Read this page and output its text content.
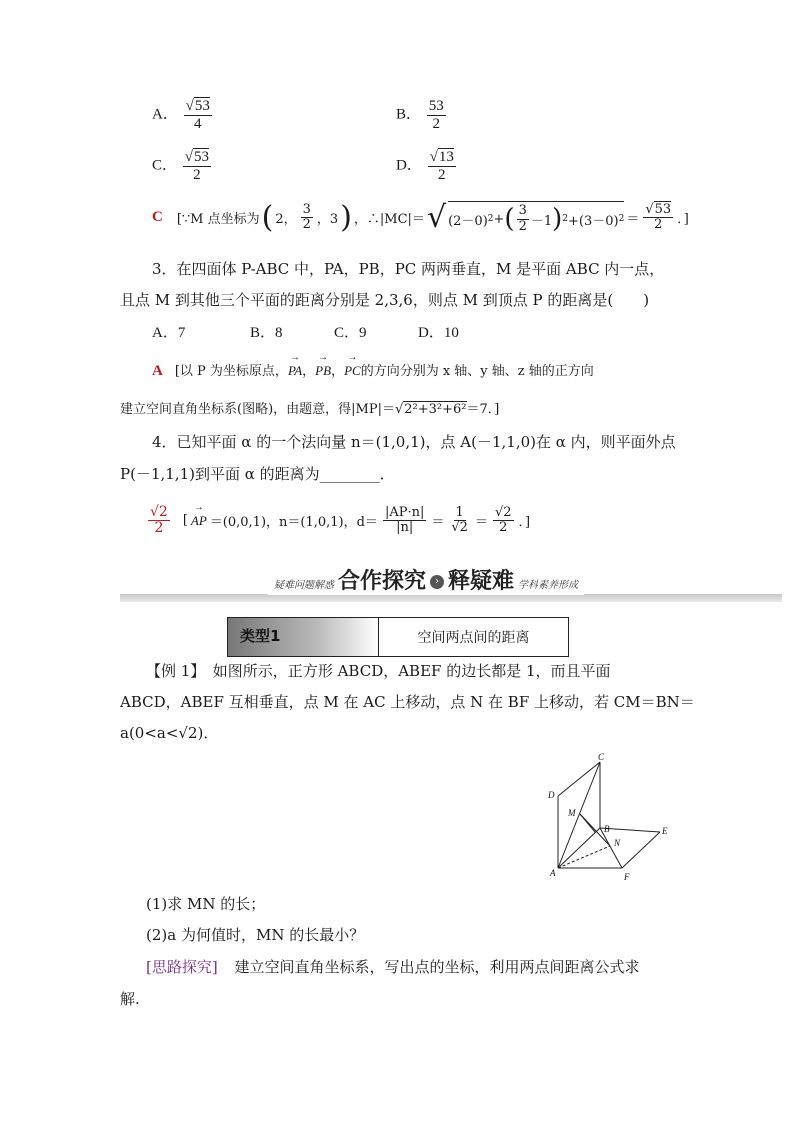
A． $\frac{√53}{4}$	B． $\frac{53}{2}$
C． $\frac{√53}{2}$	D． $\frac{√13}{2}$
C [∵M 点坐标为 ( 2， $\frac{3}{2}$ ，3 ) ，∴|MC|＝ √ (2－0) 2 + ( $\frac{3}{2} -1$ ) 2 +(3－0) $2 = \frac{√53}{2}$ ．]
3．在四面体 P-ABC 中，PA，PB，PC 两两垂直，M 是平面 ABC 内一点，
且点 M 到其他三个平面的距离分别是 2,3,6，则点 M 到顶点 P 的距离是(　　)
A．7	B．8	C．9	D．10
A [以 P 为坐标原点，→ PA，→ PB，→ PC的方向分别为 x 轴、y 轴、z 轴的正方向
建立空间直角坐标系(图略)，由题意，得|MP|＝√2²+3²+6²＝7．]
4．已知平面 α 的一个法向量 n＝(1,0,1)，点 A(－1,1,0)在 α 内，则平面外点
P(－1,1,1)到平面 α 的距离为________．
$\frac{√2}{2}$ [
→ AP ＝(0,0,1)，n＝(1,0,1)，$d= \frac{|AP\cdot n|}{|n|} = \frac{1}{√2} = \frac{√2}{2}$ ．]
疑难问题解惑 合作探究 › 释疑难 学科素养形成
类型1	空间两点间的距离
【例 1】　如图所示，正方形 ABCD，ABEF 的边长都是 1，而且平面
ABCD，ABEF 互相垂直，点 M 在 AC 上移动，点 N 在 BF 上移动，若 CM＝BN＝
a(0<a<√2)．
C
D
M
B	E
N
A	F
(1)求 MN 的长；
(2)a 为何值时，MN 的长最小？
[思路探究] 建立空间直角坐标系，写出点的坐标，利用两点间距离公式求
解.
